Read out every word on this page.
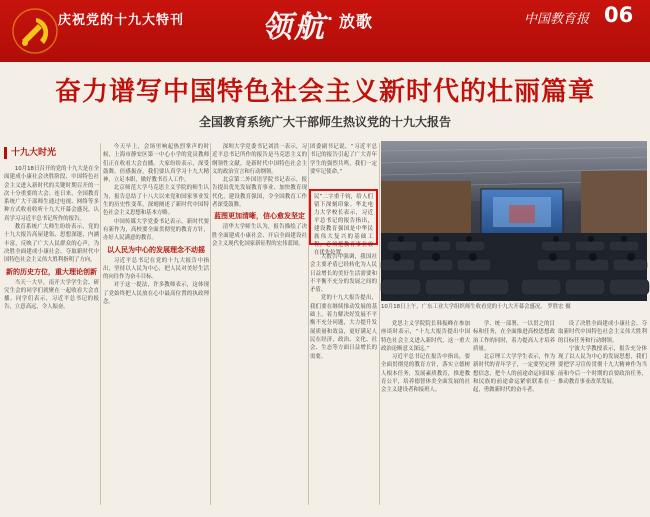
庆祝党的十九大特刊	领航 · 放歌	中国教育报 06
奋力谱写中国特色社会主义新时代的壮丽篇章
全国教育系统广大干部师生热议党的十九大报告
十九大时光

10月18日召开的党的十九大是在全面建成小康社会决胜阶段、中国特色社会主义进入新时代的关键时期召开的一次十分重要的大会。连日来，全国教育系统广大干部师生通过电视、网络等多种方式收看收听十九大开幕会盛况，认真学习习近平总书记所作的报告。

教育系统广大师生纷纷表示，党的十九大报告高屋建瓴、思想深邃、内涵丰富，反映了广大人民群众的心声，为决胜全面建成小康社会、夺取新时代中国特色社会主义伟大胜利指明了方向。

新的历史方位，重大理论创新

当天一大早，南开大学学生会、研究生会的同学们就聚在一起收看大会直播。同学们表示，习近平总书记的报告，立意高远，令人振奋。

今天早上，会场里响起热烈掌声的时候，上海市静安区第一中心小学的党员教师们正在收看大会直播。大家纷纷表示，深受鼓舞，倍感振奋，我们要认真学习十九大精神，立足本职，做好教书育人工作。

北京师范大学马克思主义学院的师生认为，报告总结了十八大以来党和国家事业发生的历史性变革，深刻阐述了新时代中国特色社会主义思想和基本方略。

中国传媒大学党委书记表示，新时代要有新作为，高校要全面贯彻党的教育方针，办好人民满意的教育。

以人民为中心的发展理念不动摇

习近平总书记在党的十九大报告中指出，坚持以人民为中心，把人民对美好生活的向往作为奋斗目标。

对于这一提法，许多教师表示，这体现了党始终把人民放在心中最高位置的执政理念。

深圳大学党委书记刘洪一表示，习近平总书记所作的报告是马克思主义的纲领性文献，是新时代中国特色社会主义的政治宣言和行动纲领。

北京第二外国语学院书记表示，报告提出优先发展教育事业、加快教育现代化，建设教育强国，令全国教育工作者深受鼓舞。

蓝图更加清晰，信心愈发坚定

清华大学师生认为，报告描绘了决胜全面建成小康社会、开启全面建设社会主义现代化国家新征程的宏伟蓝图。

团委副书记说，“习近平总书记的报告引起了广大青年学生的强烈共鸣，我们一定要牢记使命。”
民”二字重千钧，给人们留下深刻印象。华北电力大学校长表示，习近平总书记的报告指出，建设教育强国是中华民族伟大复兴的基础工程，必须把教育事业放在优先位置。

大报告中强调，我国社会主要矛盾已经转化为人民日益增长的美好生活需要和不平衡不充分的发展之间的矛盾。

党的十九大报告提出，我们要在继续推动发展的基础上，着力解决好发展不平衡不充分问题，大力提升发展质量和效益，更好满足人民在经济、政治、文化、社会、生态等方面日益增长的需要。

10月18日上午，广东工业大学组织师生收看党的十九大开幕会盛况。 罗胜宏 摄

党思主义学院院长韩振峰在参加座谈时表示，“十九大报告提出中国特色社会主义进入新时代，这一重大政治论断意义深远。”

习近平总书记在报告中指出，要全面贯彻党的教育方针，落实立德树人根本任务，发展素质教育，推进教育公平，培养德智体美全面发展的社会主义建设者和接班人。

学、统一部署、一以贯之的目标和任务，在全面推进高校思想政治工作的同时，着力提高人才培养质量。

北京理工大学学生表示，作为新时代的青年学子，一定要坚定理想信念，把个人的前途命运同国家和民族的前途命运紧密联系在一起，勇做新时代的奋斗者。

设了决胜全面建成小康社会、夺取新时代中国特色社会主义伟大胜利的目标任务和行动纲领。

宁波大学教授表示，报告充分体现了以人民为中心的发展思想，我们要把学习宣传贯彻十九大精神作为当前和今后一个时期的首要政治任务，推动教育事业改革发展。
